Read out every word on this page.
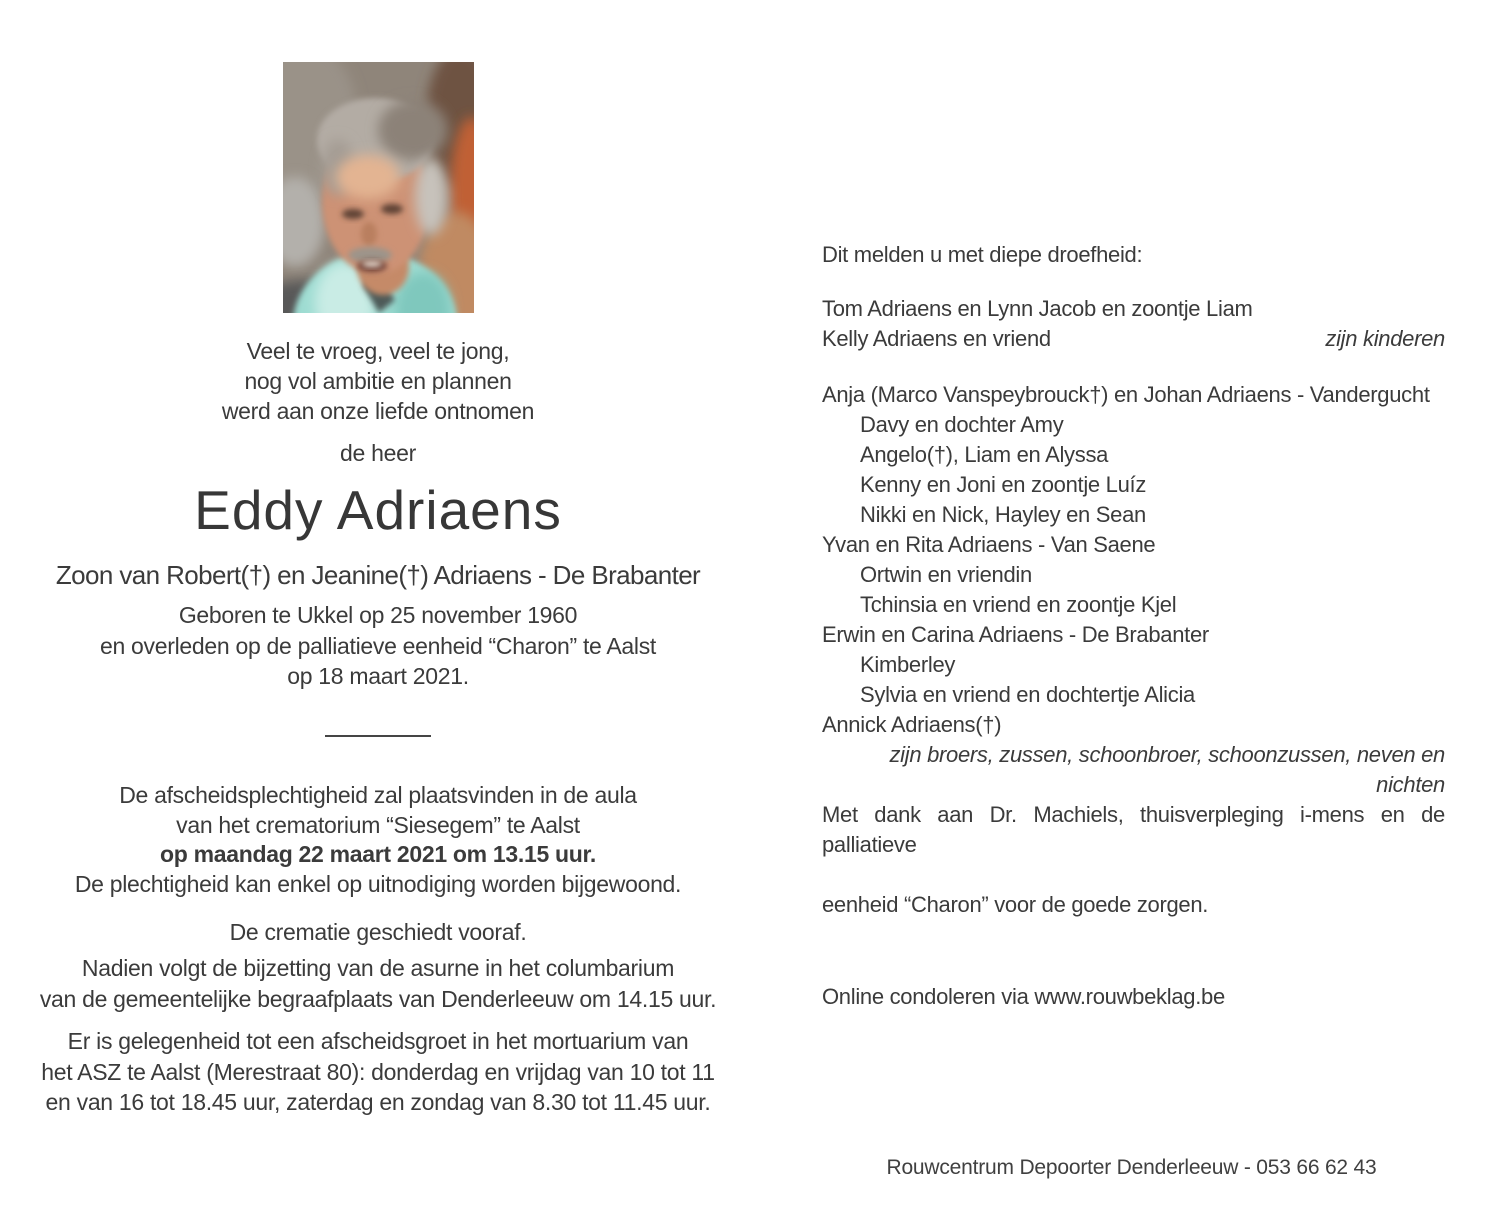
Veel te vroeg, veel te jong,
nog vol ambitie en plannen
werd aan onze liefde ontnomen
de heer
Eddy Adriaens
Zoon van Robert(†) en Jeanine(†) Adriaens - De Brabanter
Geboren te Ukkel op 25 november 1960
en overleden op de palliatieve eenheid “Charon” te Aalst
op 18 maart 2021.
De afscheidsplechtigheid zal plaatsvinden in de aula
van het crematorium “Siesegem” te Aalst
op maandag 22 maart 2021 om 13.15 uur.
De plechtigheid kan enkel op uitnodiging worden bijgewoond.
De crematie geschiedt vooraf.
Nadien volgt de bijzetting van de asurne in het columbarium
van de gemeentelijke begraafplaats van Denderleeuw om 14.15 uur.
Er is gelegenheid tot een afscheidsgroet in het mortuarium van
het ASZ te Aalst (Merestraat 80): donderdag en vrijdag van 10 tot 11
en van 16 tot 18.45 uur, zaterdag en zondag van 8.30 tot 11.45 uur.
Dit melden u met diepe droefheid:
Tom Adriaens en Lynn Jacob en zoontje Liam
Kelly Adriaens en vriend	zijn kinderen
Anja (Marco Vanspeybrouck†) en Johan Adriaens - Vandergucht
Davy en dochter Amy
Angelo(†), Liam en Alyssa
Kenny en Joni en zoontje Luíz
Nikki en Nick, Hayley en Sean
Yvan en Rita Adriaens - Van Saene
Ortwin en vriendin
Tchinsia en vriend en zoontje Kjel
Erwin en Carina Adriaens - De Brabanter
Kimberley
Sylvia en vriend en dochtertje Alicia
Annick Adriaens(†)
zijn broers, zussen, schoonbroer, schoonzussen, neven en nichten
Met dank aan Dr. Machiels, thuisverpleging i-mens en de palliatieve
eenheid “Charon” voor de goede zorgen.
Online condoleren via www.rouwbeklag.be
Rouwcentrum Depoorter Denderleeuw - 053 66 62 43
